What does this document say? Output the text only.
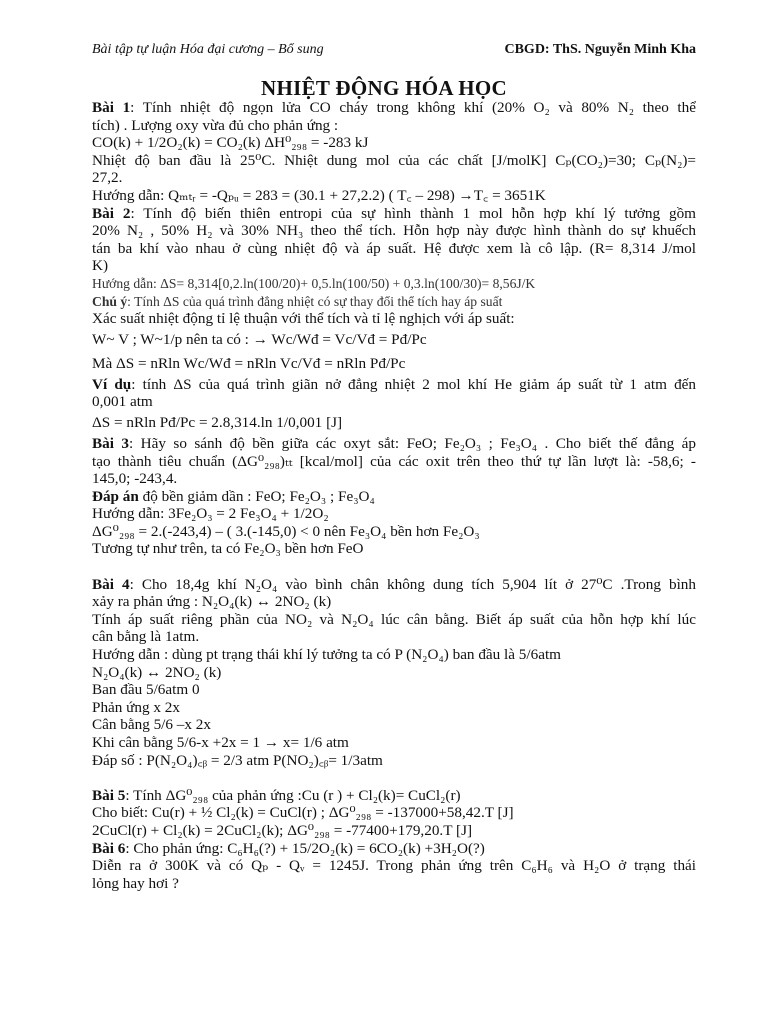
Bài tập tự luận Hóa đại cương – Bổ sung	CBGD: ThS. Nguyễn Minh Kha
NHIỆT ĐỘNG HÓA HỌC
Bài 1: Tính nhiệt độ ngọn lửa CO cháy trong không khí (20% O₂ và 80% N₂ theo thể
tích) . Lượng oxy vừa đủ cho phản ứng :
CO(k) + 1/2O₂(k) = CO₂(k) ΔH⁰₂₉₈ = -283 kJ
Nhiệt độ ban đầu là 25⁰C. Nhiệt dung mol của các chất [J/molK] Cₚ(CO₂)=30; Cₚ(N₂)=
27,2.
Hướng dẫn: Qₘₜᵣ = -Qₚᵤ = 283 = (30.1 + 27,2.2) ( T꜀ – 298) →T꜀ = 3651K
Bài 2: Tính độ biến thiên entropi của sự hình thành 1 mol hỗn hợp khí lý tưởng gồm
20% N₂ , 50% H₂ và 30% NH₃ theo thể tích. Hỗn hợp này được hình thành do sự khuếch
tán ba khí vào nhau ở cùng nhiệt độ và áp suất. Hệ được xem là cô lập. (R= 8,314 J/mol
K)
Hướng dẫn: ΔS= 8,314[0,2.ln(100/20)+ 0,5.ln(100/50) + 0,3.ln(100/30)= 8,56J/K
Chú ý: Tính ΔS của quá trình đẳng nhiệt có sự thay đổi thể tích hay áp suất
Xác suất nhiệt động tỉ lệ thuận với thể tích và tỉ lệ nghịch với áp suất:
W~ V ; W~1/p nên ta có : → Wc/Wđ = Vc/Vđ = Pđ/Pc
Mà ΔS = nRln Wc/Wđ = nRln Vc/Vđ = nRln Pđ/Pc
Ví dụ: tính ΔS của quá trình giãn nở đẳng nhiệt 2 mol khí He giảm áp suất từ 1 atm đến
0,001 atm
ΔS = nRln Pđ/Pc = 2.8,314.ln 1/0,001 [J]
Bài 3: Hãy so sánh độ bền giữa các oxyt sắt: FeO; Fe₂O₃ ; Fe₃O₄ . Cho biết thế đẳng áp
tạo thành tiêu chuẩn (ΔG⁰₂₉₈)ₜₜ [kcal/mol] của các oxit trên theo thứ tự lần lượt là: -58,6; -
145,0; -243,4.
Đáp án độ bền giảm dần : FeO; Fe₂O₃ ; Fe₃O₄
Hướng dẫn: 3Fe₂O₃ = 2 Fe₃O₄ + 1/2O₂
ΔG⁰₂₉₈ = 2.(-243,4) – ( 3.(-145,0) < 0 nên Fe₃O₄ bền hơn Fe₂O₃
Tương tự như trên, ta có Fe₂O₃ bền hơn FeO
Bài 4: Cho 18,4g khí N₂O₄ vào bình chân không dung tích 5,904 lít ở 27⁰C .Trong bình
xảy ra phản ứng : N₂O₄(k) ↔ 2NO₂ (k)
Tính áp suất riêng phần của NO₂ và N₂O₄ lúc cân bằng. Biết áp suất của hỗn hợp khí lúc
cân bằng là 1atm.
Hướng dẫn : dùng pt trạng thái khí lý tưởng ta có P (N₂O₄) ban đầu là 5/6atm
N₂O₄(k) ↔ 2NO₂ (k)
Ban đầu 5/6atm 0
Phản ứng x 2x
Cân bằng 5/6 –x 2x
Khi cân bằng 5/6-x +2x = 1 → x= 1/6 atm
Đáp số : P(N₂O₄)꜀ᵦ = 2/3 atm P(NO₂)꜀ᵦ= 1/3atm
Bài 5: Tính ΔG⁰₂₉₈ của phản ứng :Cu (r ) + Cl₂(k)= CuCl₂(r)
Cho biết: Cu(r) + ½ Cl₂(k) = CuCl(r) ; ΔG⁰₂₉₈ = -137000+58,42.T [J]
2CuCl(r) + Cl₂(k) = 2CuCl₂(k); ΔG⁰₂₉₈ = -77400+179,20.T [J]
Bài 6: Cho phản ứng: C₆H₆(?) + 15/2O₂(k) = 6CO₂(k) +3H₂O(?)
Diễn ra ở 300K và có Qₚ - Qᵥ = 1245J. Trong phản ứng trên C₆H₆ và H₂O ở trạng thái
lỏng hay hơi ?
